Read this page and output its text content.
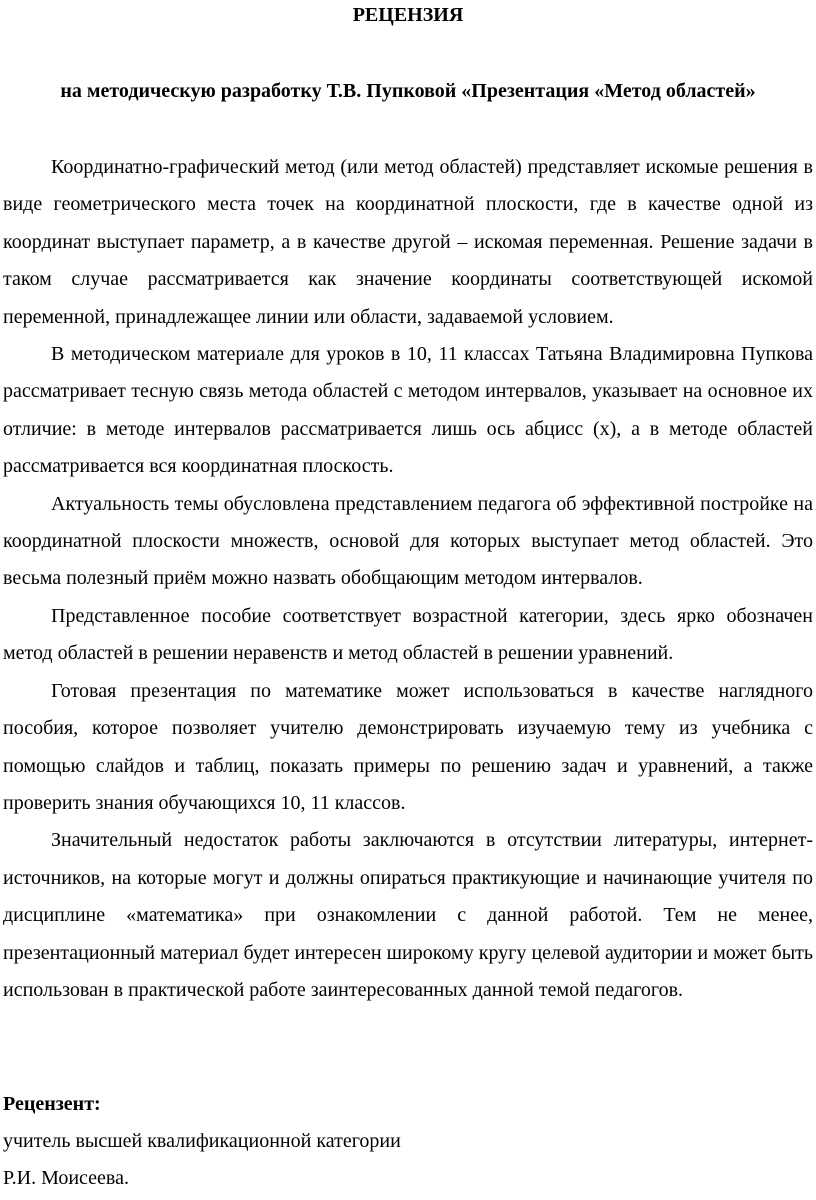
РЕЦЕНЗИЯ
на методическую разработку Т.В. Пупковой «Презентация «Метод областей»

Координатно-графический метод (или метод областей) представляет искомые решения в виде геометрического места точек на координатной плоскости, где в качестве одной из координат выступает параметр, а в качестве другой – искомая переменная. Решение задачи в таком случае рассматривается как значение координаты соответствующей искомой переменной, принадлежащее линии или области, задаваемой условием.

В методическом материале для уроков в 10, 11 классах Татьяна Владимировна Пупкова рассматривает тесную связь метода областей с методом интервалов, указывает на основное их отличие: в методе интервалов рассматривается лишь ось абцисс (х), а в методе областей рассматривается вся координатная плоскость.

Актуальность темы обусловлена представлением педагога об эффективной постройке на координатной плоскости множеств, основой для которых выступает метод областей. Это весьма полезный приём можно назвать обобщающим методом интервалов.

Представленное пособие соответствует возрастной категории, здесь ярко обозначен метод областей в решении неравенств и метод областей в решении уравнений.

Готовая презентация по математике может использоваться в качестве наглядного пособия, которое позволяет учителю демонстрировать изучаемую тему из учебника с помощью слайдов и таблиц, показать примеры по решению задач и уравнений, а также проверить знания обучающихся 10, 11 классов.

Значительный недостаток работы заключаются в отсутствии литературы, интернет-источников, на которые могут и должны опираться практикующие и начинающие учителя по дисциплине «математика» при ознакомлении с данной работой. Тем не менее, презентационный материал будет интересен широкому кругу целевой аудитории и может быть использован в практической работе заинтересованных данной темой педагогов.

Рецензент:

учитель высшей квалификационной категории

Р.И. Моисеева.
